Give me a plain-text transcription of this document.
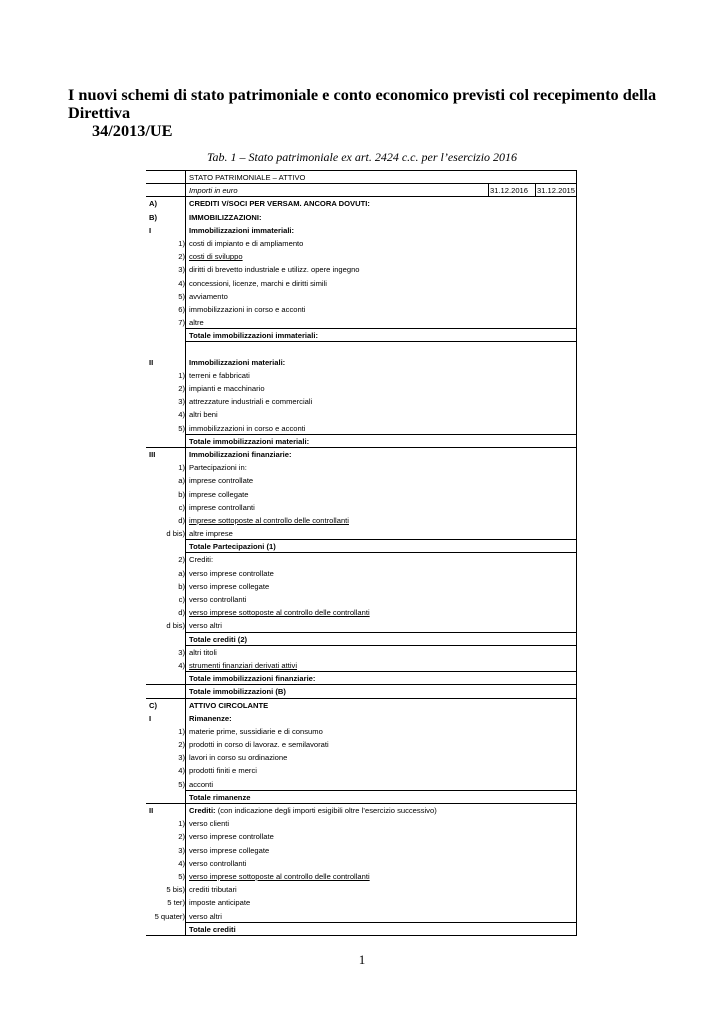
I nuovi schemi di stato patrimoniale e conto economico previsti col recepimento della Direttiva
34/2013/UE
Tab. 1 – Stato patrimoniale ex art. 2424 c.c. per l’esercizio 2016
STATO PATRIMONIALE – ATTIVO
Importi in euro	31.12.2016 31.12.2015
A)	CREDITI V/SOCI PER VERSAM. ANCORA DOVUTI:
B)	IMMOBILIZZAZIONI:
I	Immobilizzazioni immateriali:
1) costi di impianto e di ampliamento
2) costi di sviluppo
3) diritti di brevetto industriale e utilizz. opere ingegno
4) concessioni, licenze, marchi e diritti simili
5) avviamento
6) immobilizzazioni in corso e acconti
7) altre
Totale immobilizzazioni immateriali:
II	Immobilizzazioni materiali:
1) terreni e fabbricati
2) impianti e macchinario
3) attrezzature industriali e commerciali
4) altri beni
5) immobilizzazioni in corso e acconti
Totale immobilizzazioni materiali:
III	Immobilizzazioni finanziarie:
1) Partecipazioni in:
a) imprese controllate
b) imprese collegate
c) imprese controllanti
d) imprese sottoposte al controllo delle controllanti
d bis) altre imprese
Totale Partecipazioni (1)
2) Crediti:
a) verso imprese controllate
b) verso imprese collegate
c) verso controllanti
d) verso imprese sottoposte al controllo delle controllanti
d bis) verso altri
Totale crediti (2)
3) altri titoli
4) strumenti finanziari derivati attivi
Totale immobilizzazioni finanziarie:
Totale immobilizzazioni (B)
C)	ATTIVO CIRCOLANTE
I	Rimanenze:
1) materie prime, sussidiarie e di consumo
2) prodotti in corso di lavoraz. e semilavorati
3) lavori in corso su ordinazione
4) prodotti finiti e merci
5) acconti
Totale rimanenze
II	Crediti: (con indicazione degli importi esigibili oltre l’esercizio successivo)
1) verso clienti
2) verso imprese controllate
3) verso imprese collegate
4) verso controllanti
5) verso imprese sottoposte al controllo delle controllanti
5 bis) crediti tributari
5 ter) imposte anticipate
5 quater) verso altri
Totale crediti
1
